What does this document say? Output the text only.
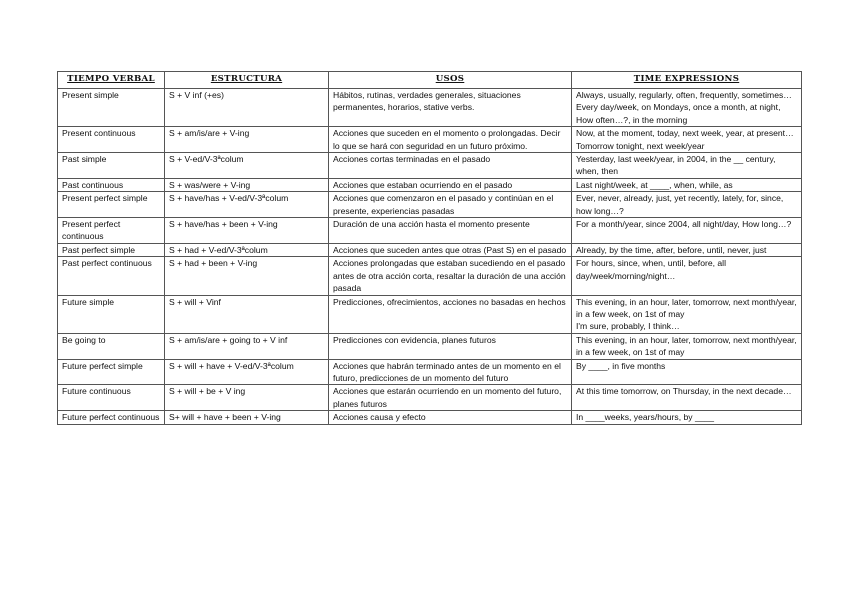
TIEMPO VERBAL	ESTRUCTURA	USOS	TIME EXPRESSIONS
Present simple	S + V inf (+es)	Hábitos, rutinas, verdades generales, situaciones permanentes, horarios, stative verbs.	Always, usually, regularly, often, frequently, sometimes…
Every day/week, on Mondays, once a month, at night, How often…?, in the morning

Present continuous	S + am/is/are + V-ing	Acciones que suceden en el momento o prolongadas. Decir lo que se hará con seguridad en un futuro próximo.	Now, at the moment, today, next week, year, at present…
Tomorrow tonight, next week/year

Past simple	S + V-ed/V-3ªcolum	Acciones cortas terminadas en el pasado	Yesterday, last week/year, in 2004, in the __ century, when, then

Past continuous	S + was/were + V-ing	Acciones que estaban ocurriendo en el pasado	Last night/week, at ____, when, while, as

Present perfect simple	S + have/has + V-ed/V-3ªcolum	Acciones que comenzaron en el pasado y continúan en el presente, experiencias pasadas	Ever, never, already, just, yet recently, lately, for, since, how long…?

Present perfect continuous	S + have/has + been + V-ing	Duración de una acción hasta el momento presente	For a month/year, since 2004, all night/day, How long…?

Past perfect simple	S + had + V-ed/V-3ªcolum	Acciones que suceden antes que otras (Past S) en el pasado	Already, by the time, after, before, until, never, just

Past perfect continuous	S + had + been + V-ing	Acciones prolongadas que estaban sucediendo en el pasado antes de otra acción corta, resaltar la duración de una acción pasada	For hours, since, when, until, before, all day/week/morning/night…

Future simple	S + will + Vinf	Predicciones, ofrecimientos, acciones no basadas en hechos	This evening, in an hour, later, tomorrow, next month/year, in a few week, on 1st of may
I'm sure, probably, I think…

Be going to	S + am/is/are + going to + V inf	Predicciones con evidencia, planes futuros	This evening, in an hour, later, tomorrow, next month/year, in a few week, on 1st of may

Future perfect simple	S + will + have + V-ed/V-3ªcolum	Acciones que habrán terminado antes de un momento en el futuro, predicciones de un momento del futuro	By ____, in five months

Future continuous	S + will + be + V ing	Acciones que estarán ocurriendo en un momento del futuro, planes futuros	At this time tomorrow, on Thursday, in the next decade…

Future perfect continuous	S+ will + have + been + V-ing	Acciones causa y efecto	In ____weeks, years/hours, by ____
